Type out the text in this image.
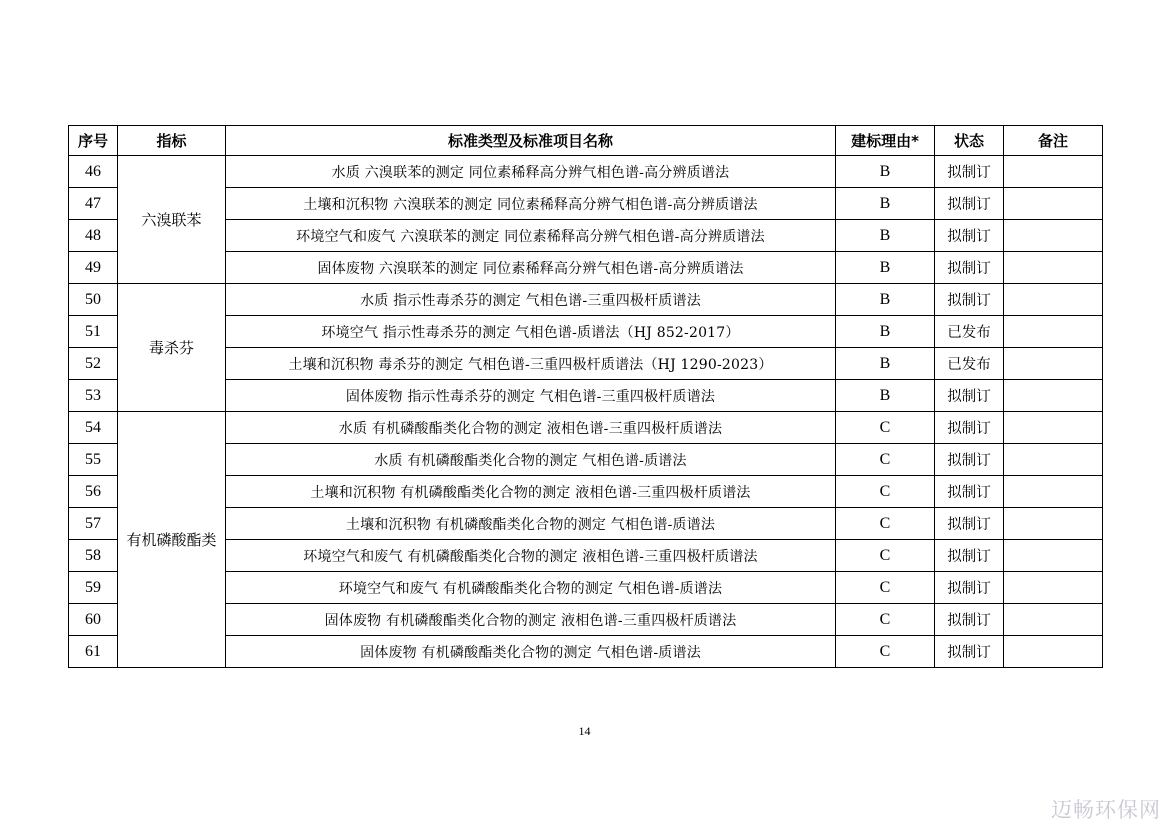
序号	指标	标准类型及标准项目名称	建标理由*	状态	备注
46	六溴联苯	水质 六溴联苯的测定 同位素稀释高分辨气相色谱-高分辨质谱法	B	拟制订	
47		土壤和沉积物 六溴联苯的测定 同位素稀释高分辨气相色谱-高分辨质谱法	B	拟制订	
48		环境空气和废气 六溴联苯的测定 同位素稀释高分辨气相色谱-高分辨质谱法	B	拟制订	
49		固体废物 六溴联苯的测定 同位素稀释高分辨气相色谱-高分辨质谱法	B	拟制订	
50	毒杀芬	水质 指示性毒杀芬的测定 气相色谱-三重四极杆质谱法	B	拟制订	
51		环境空气 指示性毒杀芬的测定 气相色谱-质谱法（HJ 852-2017）	B	已发布	
52		土壤和沉积物 毒杀芬的测定 气相色谱-三重四极杆质谱法（HJ 1290-2023）	B	已发布	
53		固体废物 指示性毒杀芬的测定 气相色谱-三重四极杆质谱法	B	拟制订	
54	有机磷酸酯类	水质 有机磷酸酯类化合物的测定 液相色谱-三重四极杆质谱法	C	拟制订	
55		水质 有机磷酸酯类化合物的测定 气相色谱-质谱法	C	拟制订	
56		土壤和沉积物 有机磷酸酯类化合物的测定 液相色谱-三重四极杆质谱法	C	拟制订	
57		土壤和沉积物 有机磷酸酯类化合物的测定 气相色谱-质谱法	C	拟制订	
58		环境空气和废气 有机磷酸酯类化合物的测定 液相色谱-三重四极杆质谱法	C	拟制订	
59		环境空气和废气 有机磷酸酯类化合物的测定 气相色谱-质谱法	C	拟制订	
60		固体废物 有机磷酸酯类化合物的测定 液相色谱-三重四极杆质谱法	C	拟制订	
61		固体废物 有机磷酸酯类化合物的测定 气相色谱-质谱法	C	拟制订	
14
迈畅环保网
